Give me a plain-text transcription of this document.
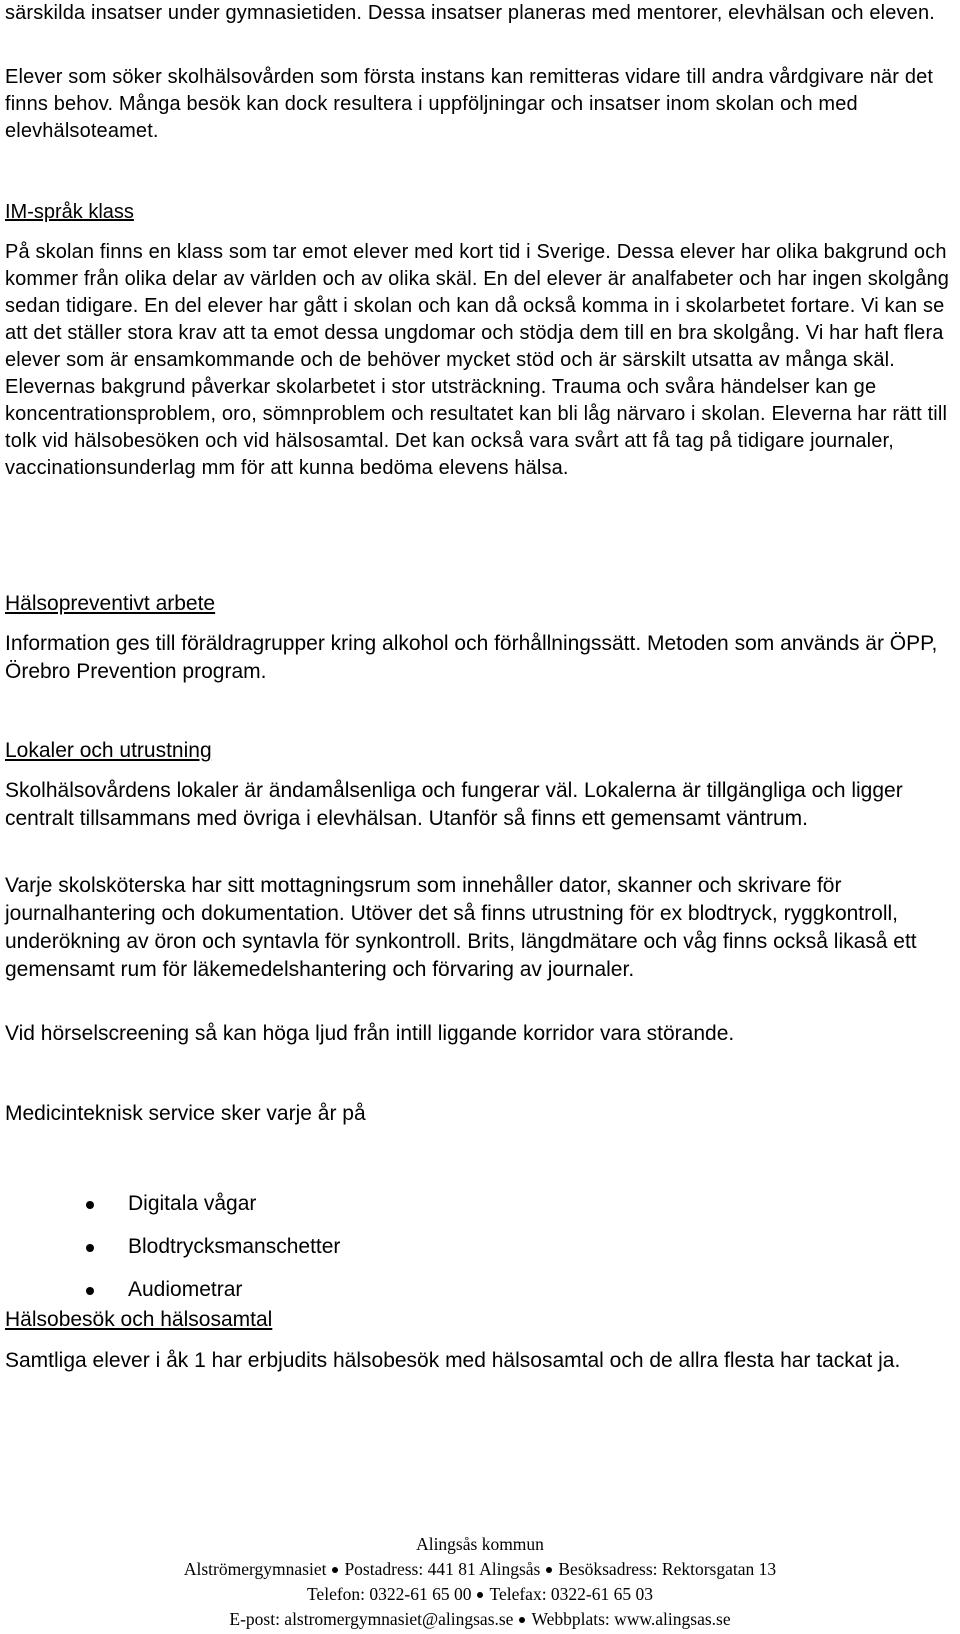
särskilda insatser under gymnasietiden. Dessa insatser planeras med mentorer, elevhälsan och eleven.

Elever som söker skolhälsovården som första instans kan remitteras vidare till andra vårdgivare när det finns behov. Många besök kan dock resultera i uppföljningar och insatser inom skolan och med elevhälsoteamet.

IM-språk klass

På skolan finns en klass som tar emot elever med kort tid i Sverige. Dessa elever har olika bakgrund och kommer från olika delar av världen och av olika skäl. En del elever är analfabeter och har ingen skolgång sedan tidigare. En del elever har gått i skolan och kan då också komma in i skolarbetet fortare. Vi kan se att det ställer stora krav att ta emot dessa ungdomar och stödja dem till en bra skolgång. Vi har haft flera elever som är ensamkommande och de behöver mycket stöd och är särskilt utsatta av många skäl. Elevernas bakgrund påverkar skolarbetet i stor utsträckning. Trauma och svåra händelser kan ge koncentrationsproblem, oro, sömnproblem och resultatet kan bli låg närvaro i skolan. Eleverna har rätt till tolk vid hälsobesöken och vid hälsosamtal. Det kan också vara svårt att få tag på tidigare journaler, vaccinationsunderlag mm för att kunna bedöma elevens hälsa.

Hälsopreventivt arbete

Information ges till föräldragrupper kring alkohol och förhållningssätt. Metoden som används är ÖPP, Örebro Prevention program.

Lokaler och utrustning

Skolhälsovårdens lokaler är ändamålsenliga och fungerar väl. Lokalerna är tillgängliga och ligger centralt tillsammans med övriga i elevhälsan. Utanför så finns ett gemensamt väntrum.

Varje skolsköterska har sitt mottagningsrum som innehåller dator, skanner och skrivare för journalhantering och dokumentation. Utöver det så finns utrustning för ex blodtryck, ryggkontroll, underökning av öron och syntavla för synkontroll. Brits, längdmätare och våg finns också likaså ett gemensamt rum för läkemedelshantering och förvaring av journaler.

Vid hörselscreening så kan höga ljud från intill liggande korridor vara störande.

Medicinteknisk service sker varje år på

Digitala vågar
Blodtrycksmanschetter
Audiometrar

Hälsobesök och hälsosamtal

Samtliga elever i åk 1 har erbjudits hälsobesök med hälsosamtal och de allra flesta har tackat ja.

Alingsås kommun
Alströmergymnasiet Postadress: 441 81 Alingsås Besöksadress: Rektorsgatan 13
Telefon: 0322-61 65 00 Telefax: 0322-61 65 03
E-post: alstromergymnasiet@alingsas.se Webbplats: www.alingsas.se
